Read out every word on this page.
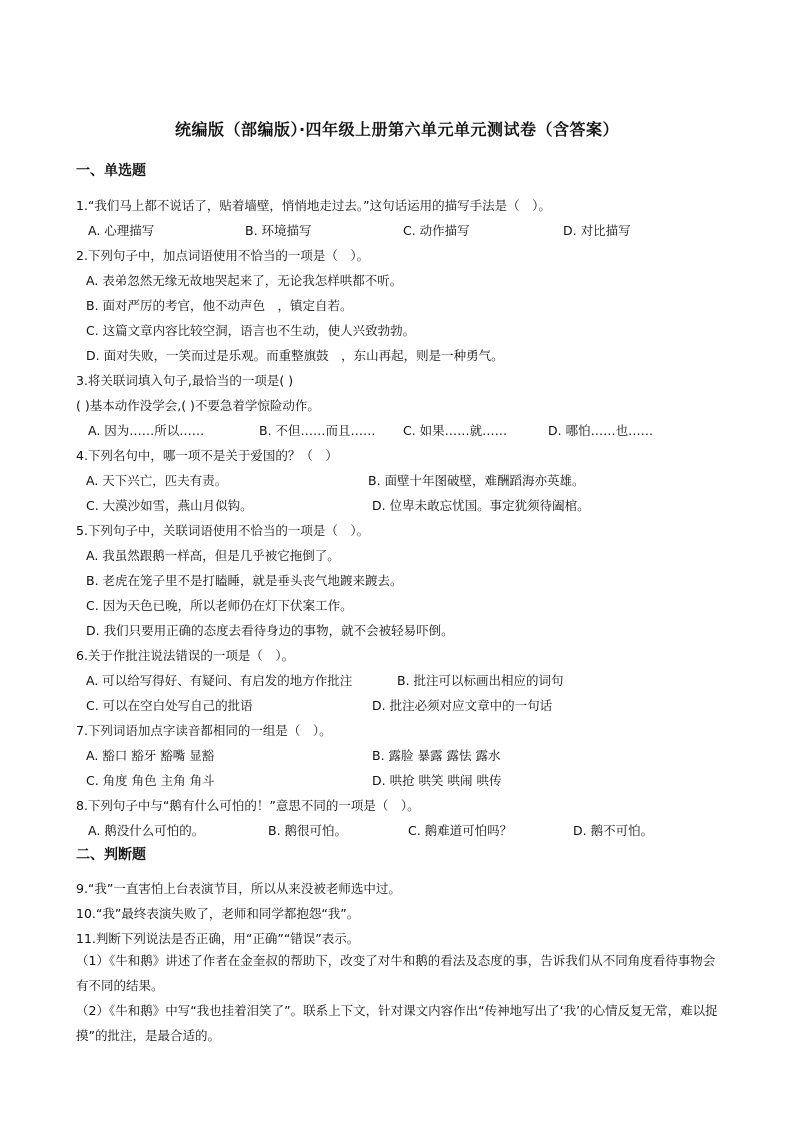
统编版（部编版）·四年级上册第六单元单元测试卷（含答案）
一、单选题
1.“我们马上都不说话了，贴着墙壁，悄悄地走过去。”这句话运用的描写手法是（　）。
A. 心理描写	B. 环境描写	C. 动作描写	D. 对比描写
2.下列句子中，加点词语使用不恰当的一项是（　）。
A. 表弟忽然无缘无故地哭起来了，无论我怎样哄都不听。
B. 面对严厉的考官，他不动声色　，镇定自若。
C. 这篇文章内容比较空洞，语言也不生动，使人兴致勃勃。
D. 面对失败，一笑而过是乐观。而重整旗鼓　，东山再起，则是一种勇气。
3.将关联词填入句子,最恰当的一项是( )
( )基本动作没学会,( )不要急着学惊险动作。
A. 因为……所以……	B. 不但……而且…… C. 如果……就……	D. 哪怕……也……
4.下列名句中，哪一项不是关于爱国的？（　）
A. 天下兴亡，匹夫有责。	B. 面壁十年图破壁，难酬蹈海亦英雄。
C. 大漠沙如雪，燕山月似钩。	D. 位卑未敢忘忧国。事定犹须待阖棺。
5.下列句子中，关联词语使用不恰当的一项是（　）。
A. 我虽然跟鹅一样高，但是几乎被它拖倒了。
B. 老虎在笼子里不是打瞌睡，就是垂头丧气地踱来踱去。
C. 因为天色已晚，所以老师仍在灯下伏案工作。
D. 我们只要用正确的态度去看待身边的事物，就不会被轻易吓倒。
6.关于作批注说法错误的一项是（　）。
A. 可以给写得好、有疑问、有启发的地方作批注	B. 批注可以标画出相应的词句
C. 可以在空白处写自己的批语	D. 批注必须对应文章中的一句话
7.下列词语加点字读音都相同的一组是（　）。
A. 豁口 豁牙 豁嘴 显豁	B. 露脸 暴露 露怯 露水
C. 角度 角色 主角 角斗	D. 哄抢 哄笑 哄闹 哄传
8.下列句子中与“鹅有什么可怕的！”意思不同的一项是（　）。
A. 鹅没什么可怕的。	B. 鹅很可怕。	C. 鹅难道可怕吗？	D. 鹅不可怕。
二、判断题
9.“我”一直害怕上台表演节目，所以从来没被老师选中过。
10.“我”最终表演失败了，老师和同学都抱怨“我”。
11.判断下列说法是否正确，用“正确”“错误”表示。
（1）《牛和鹅》讲述了作者在金奎叔的帮助下，改变了对牛和鹅的看法及态度的事，告诉我们从不同角度看待事物会有不同的结果。
（2）《牛和鹅》中写“我也挂着泪笑了”。联系上下文，针对课文内容作出“传神地写出了‘我’的心情反复无常，难以捉摸”的批注，是最合适的。
